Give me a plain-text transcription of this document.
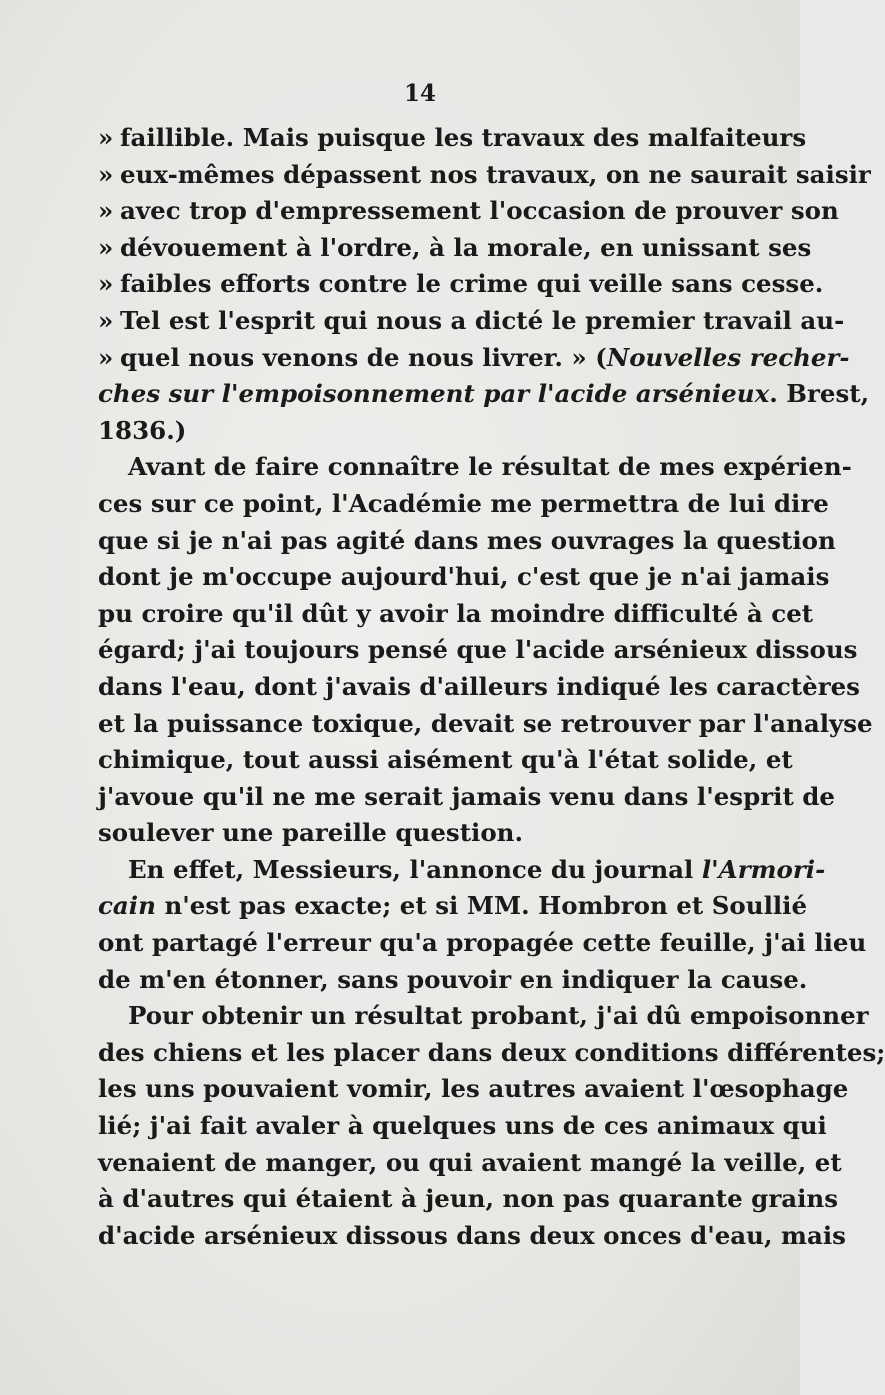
14
» faillible. Mais puisque les travaux des malfaiteurs
» eux-mêmes dépassent nos travaux, on ne saurait saisir
» avec trop d'empressement l'occasion de prouver son
» dévouement à l'ordre, à la morale, en unissant ses
» faibles efforts contre le crime qui veille sans cesse.
» Tel est l'esprit qui nous a dicté le premier travail au-
» quel nous venons de nous livrer. » (Nouvelles recher-
ches sur l'empoisonnement par l'acide arsénieux. Brest,
1836.)
Avant de faire connaître le résultat de mes expérien-
ces sur ce point, l'Académie me permettra de lui dire
que si je n'ai pas agité dans mes ouvrages la question
dont je m'occupe aujourd'hui, c'est que je n'ai jamais
pu croire qu'il dût y avoir la moindre difficulté à cet
égard; j'ai toujours pensé que l'acide arsénieux dissous
dans l'eau, dont j'avais d'ailleurs indiqué les caractères
et la puissance toxique, devait se retrouver par l'analyse
chimique, tout aussi aisément qu'à l'état solide, et
j'avoue qu'il ne me serait jamais venu dans l'esprit de
soulever une pareille question.
En effet, Messieurs, l'annonce du journal l'Armori-
cain n'est pas exacte; et si MM. Hombron et Soullié
ont partagé l'erreur qu'a propagée cette feuille, j'ai lieu
de m'en étonner, sans pouvoir en indiquer la cause.
Pour obtenir un résultat probant, j'ai dû empoisonner
des chiens et les placer dans deux conditions différentes;
les uns pouvaient vomir, les autres avaient l'œsophage
lié; j'ai fait avaler à quelques uns de ces animaux qui
venaient de manger, ou qui avaient mangé la veille, et
à d'autres qui étaient à jeun, non pas quarante grains
d'acide arsénieux dissous dans deux onces d'eau, mais
